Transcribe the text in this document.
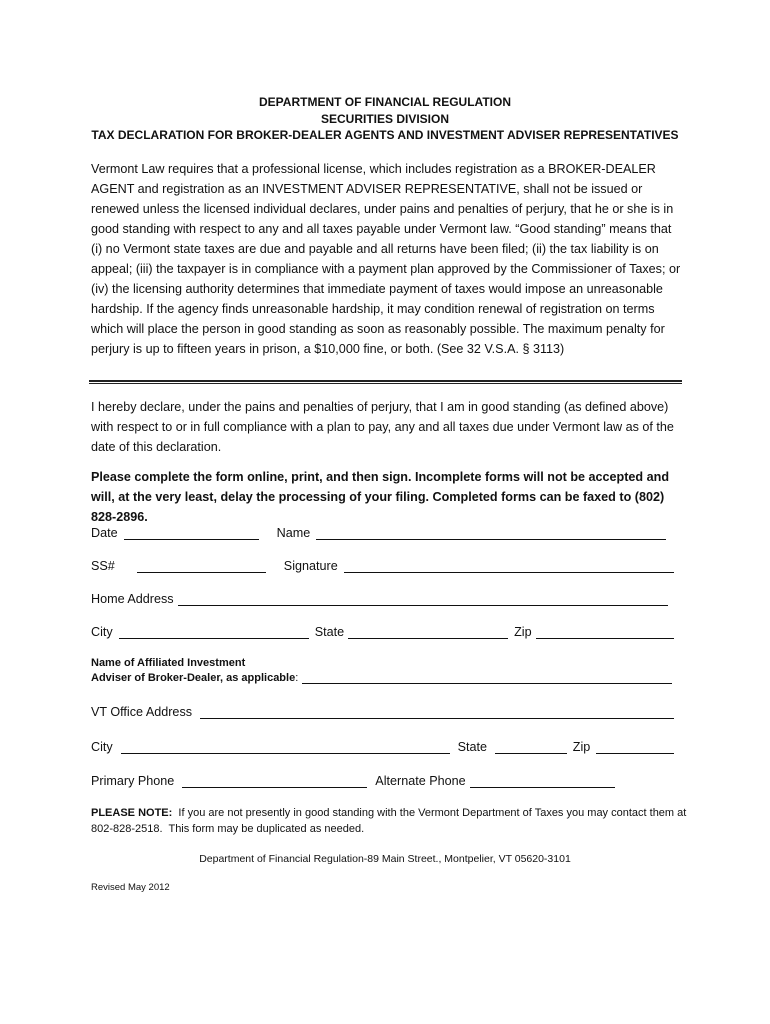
DEPARTMENT OF FINANCIAL REGULATION
SECURITIES DIVISION
TAX DECLARATION FOR BROKER-DEALER AGENTS AND INVESTMENT ADVISER REPRESENTATIVES
Vermont Law requires that a professional license, which includes registration as a BROKER-DEALER AGENT and registration as an INVESTMENT ADVISER REPRESENTATIVE, shall not be issued or renewed unless the licensed individual declares, under pains and penalties of perjury, that he or she is in good standing with respect to any and all taxes payable under Vermont law. “Good standing” means that (i) no Vermont state taxes are due and payable and all returns have been filed; (ii) the tax liability is on appeal; (iii) the taxpayer is in compliance with a payment plan approved by the Commissioner of Taxes; or (iv) the licensing authority determines that immediate payment of taxes would impose an unreasonable hardship. If the agency finds unreasonable hardship, it may condition renewal of registration on terms which will place the person in good standing as soon as reasonably possible. The maximum penalty for perjury is up to fifteen years in prison, a $10,000 fine, or both. (See 32 V.S.A. § 3113)
I hereby declare, under the pains and penalties of perjury, that I am in good standing (as defined above) with respect to or in full compliance with a plan to pay, any and all taxes due under Vermont law as of the date of this declaration.
Please complete the form online, print, and then sign. Incomplete forms will not be accepted and will, at the very least, delay the processing of your filing. Completed forms can be faxed to (802) 828-2896.
Date	Name
SS#	Signature
Home Address
City	State	Zip
Name of Affiliated Investment
Adviser of Broker-Dealer, as applicable:
VT Office Address
City	State	Zip
Primary Phone	Alternate Phone
PLEASE NOTE:  If you are not presently in good standing with the Vermont Department of Taxes you may contact them at 802-828-2518.  This form may be duplicated as needed.
Department of Financial Regulation-89 Main Street., Montpelier, VT 05620-3101
Revised May 2012
